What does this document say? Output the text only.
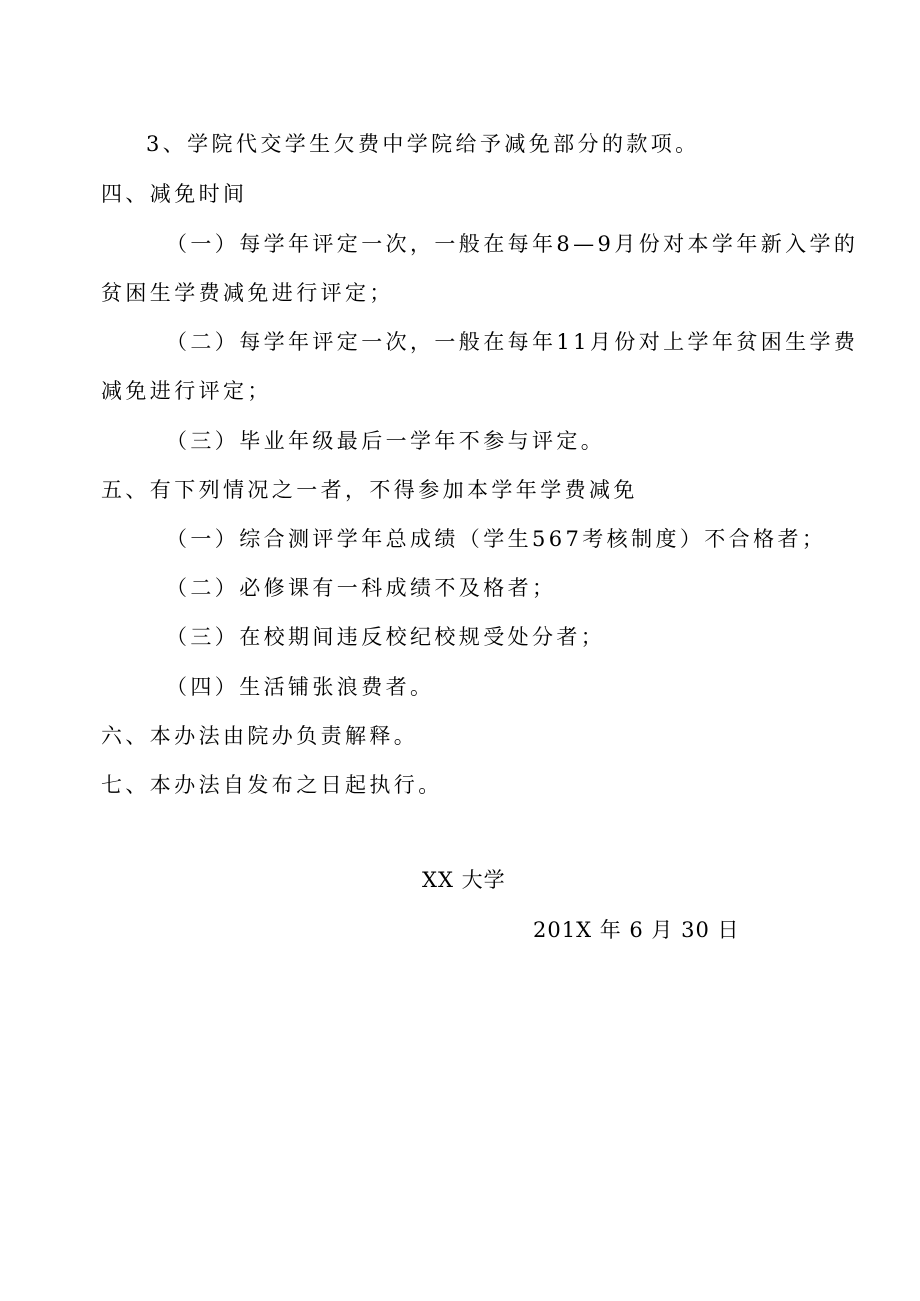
3、学院代交学生欠费中学院给予减免部分的款项。

四、减免时间

（一）每学年评定一次，一般在每年8—9月份对本学年新入学的

贫困生学费减免进行评定；

（二）每学年评定一次，一般在每年11月份对上学年贫困生学费

减免进行评定；

（三）毕业年级最后一学年不参与评定。

五、有下列情况之一者，不得参加本学年学费减免

（一）综合测评学年总成绩（学生567考核制度）不合格者；

（二）必修课有一科成绩不及格者；

（三）在校期间违反校纪校规受处分者；

（四）生活铺张浪费者。

六、本办法由院办负责解释。

七、本办法自发布之日起执行。

XX 大学

201X 年 6 月 30 日
